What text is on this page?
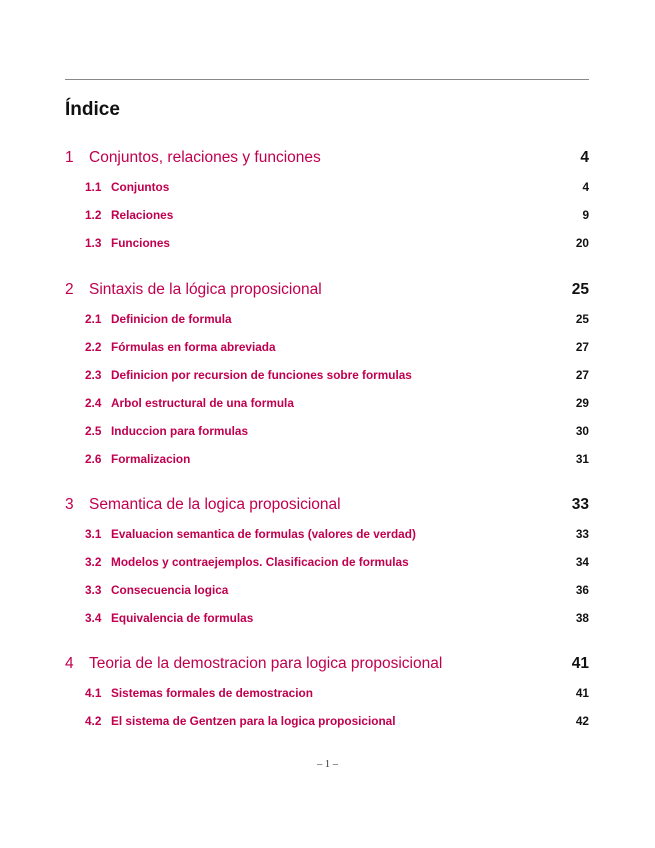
Índice
1 Conjuntos, relaciones y funciones	4
1.1 Conjuntos	4
1.2 Relaciones	9
1.3 Funciones	20
2 Sintaxis de la lógica proposicional	25
2.1 Definicion de formula	25
2.2 Fórmulas en forma abreviada	27
2.3 Definicion por recursion de funciones sobre formulas	27
2.4 Arbol estructural de una formula	29
2.5 Induccion para formulas	30
2.6 Formalizacion	31
3 Semantica de la logica proposicional	33
3.1 Evaluacion semantica de formulas (valores de verdad)	33
3.2 Modelos y contraejemplos. Clasificacion de formulas	34
3.3 Consecuencia logica	36
3.4 Equivalencia de formulas	38
4 Teoria de la demostracion para logica proposicional	41
4.1 Sistemas formales de demostracion	41
4.2 El sistema de Gentzen para la logica proposicional	42
– 1 –
